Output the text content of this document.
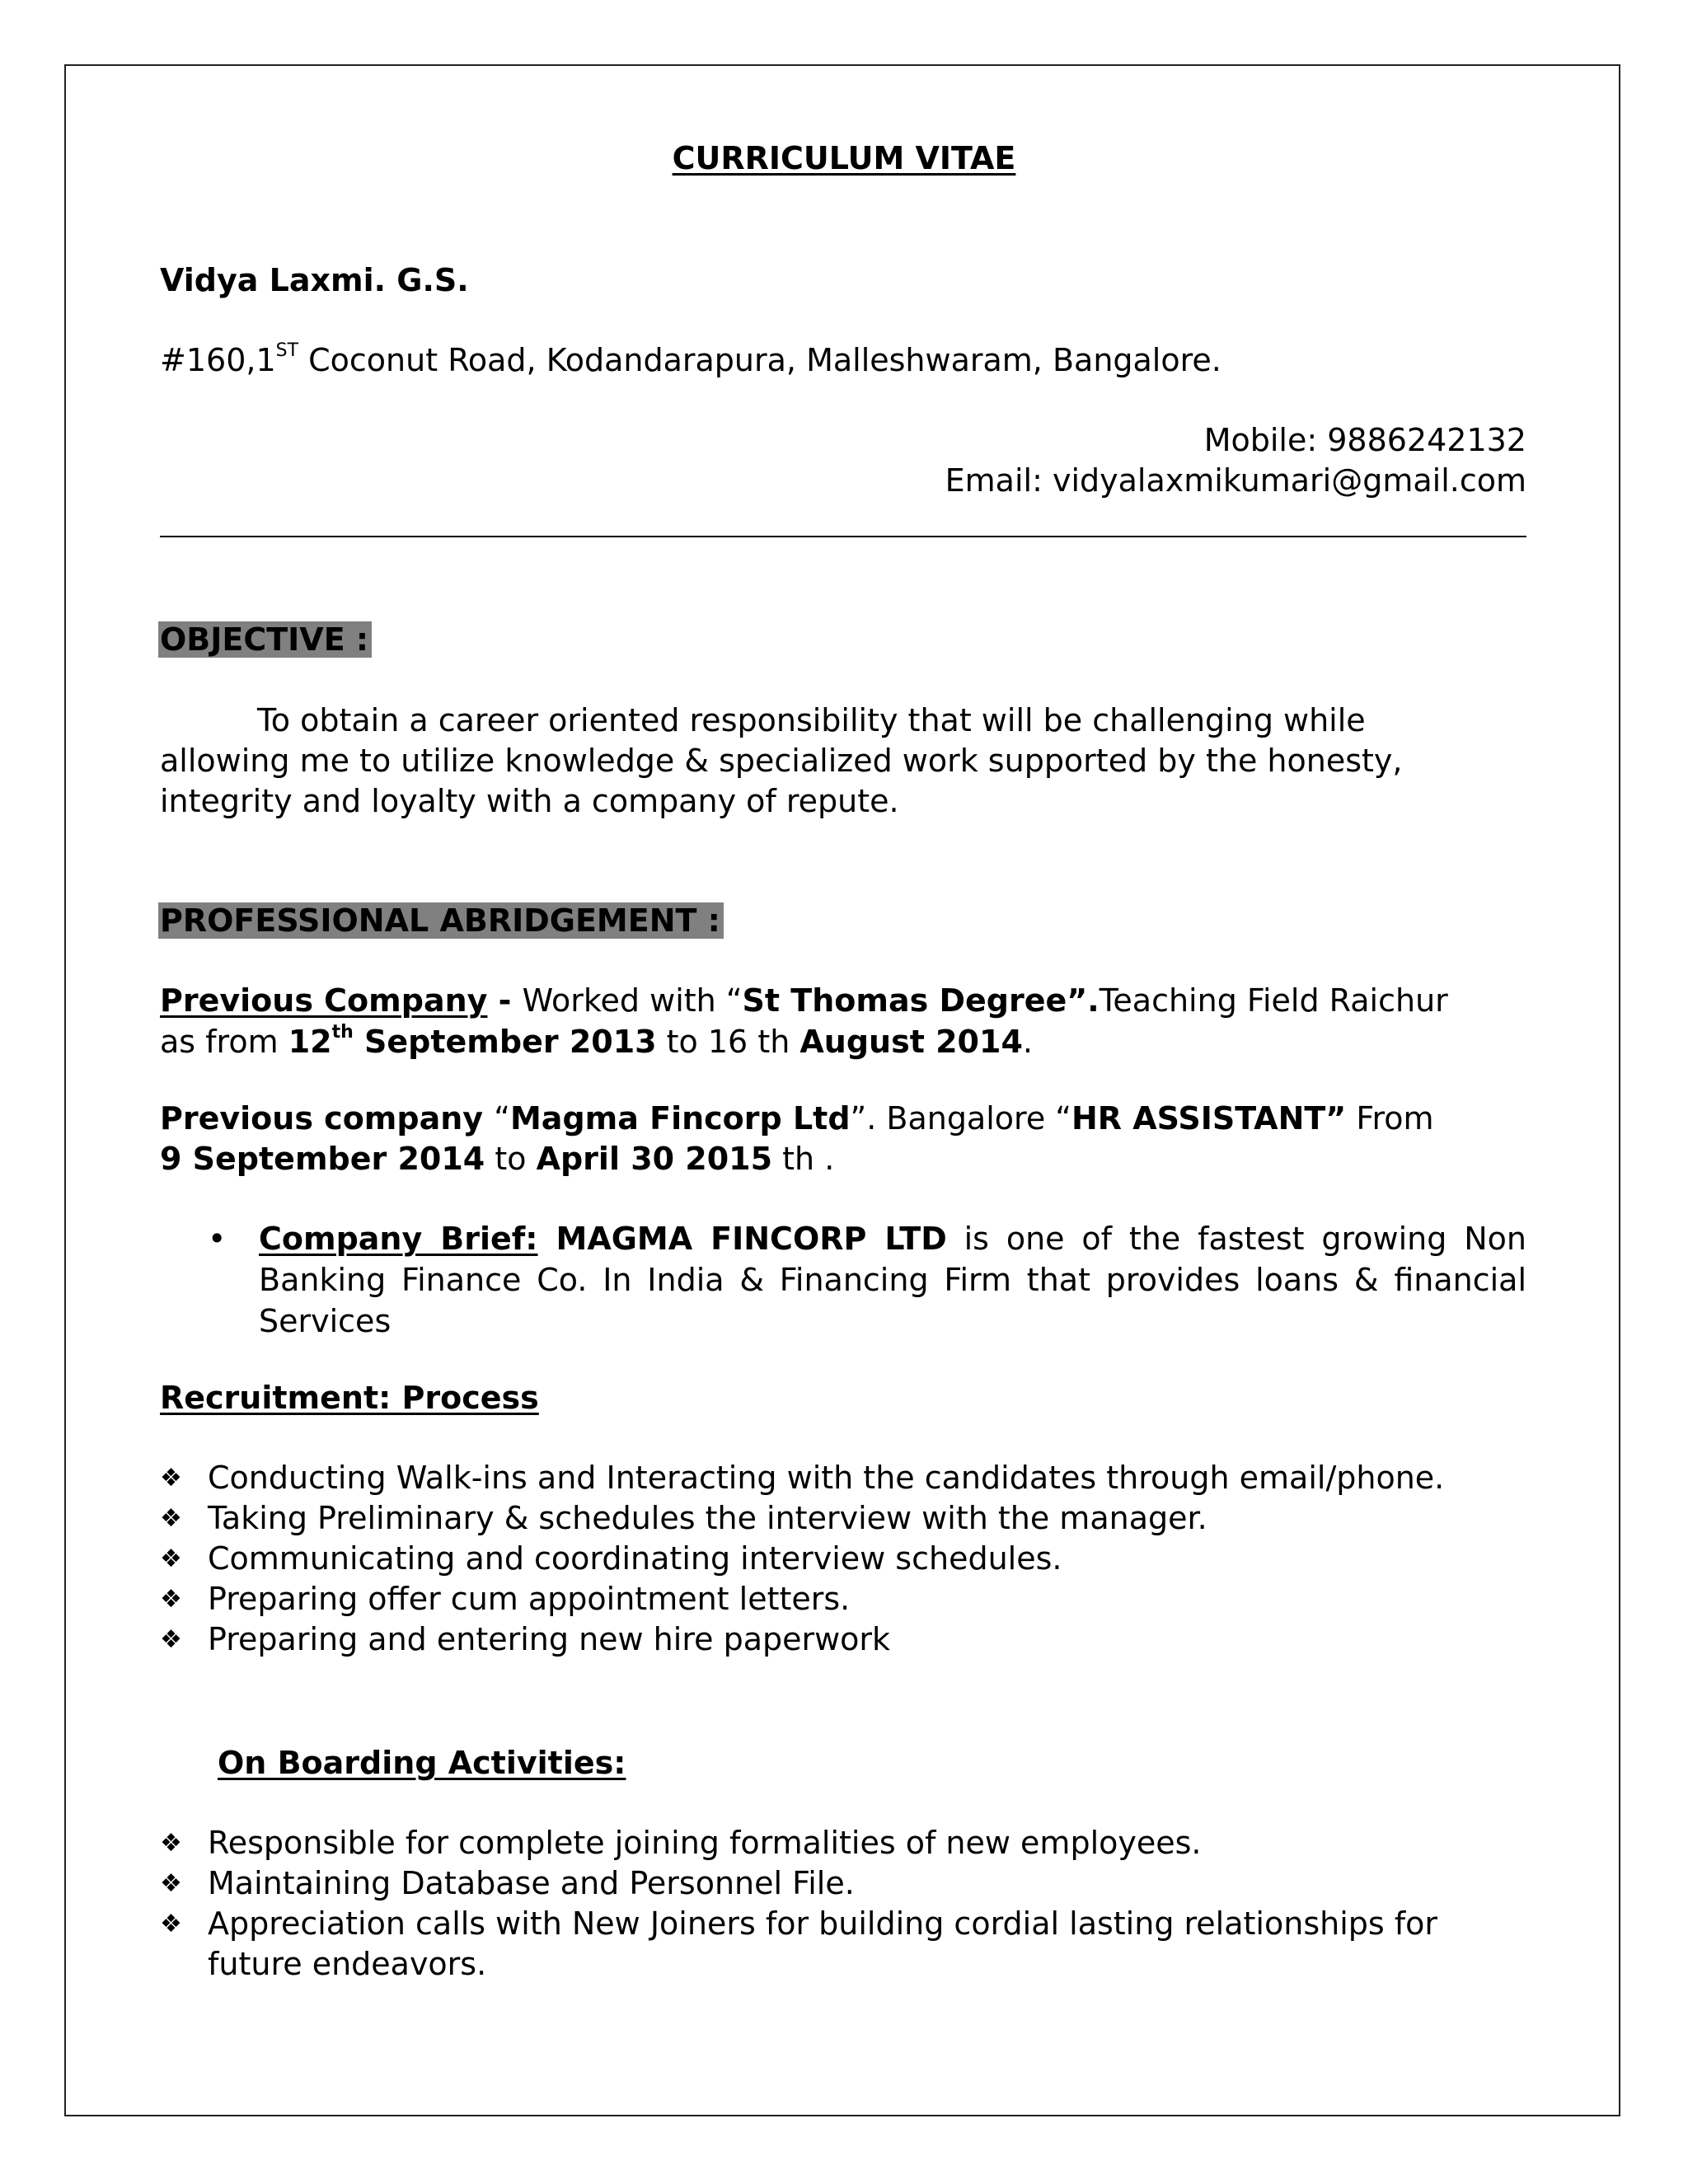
CURRICULUM VITAE
Vidya Laxmi. G.S.
#160,1ST Coconut Road, Kodandarapura, Malleshwaram, Bangalore.
Mobile: 9886242132
Email: vidyalaxmikumari@gmail.com
OBJECTIVE :
To obtain a career oriented responsibility that will be challenging while
allowing me to utilize knowledge & specialized work supported by the honesty,
integrity and loyalty with a company of repute.
PROFESSIONAL ABRIDGEMENT :
Previous Company - Worked with “St Thomas Degree”.Teaching Field Raichur
as from 12th September 2013 to 16 th August 2014.
Previous company “Magma Fincorp Ltd”. Bangalore “HR ASSISTANT” From
9 September 2014 to April 30 2015 th .
• Company Brief: MAGMA FINCORP LTD is one of the fastest growing Non Banking Finance Co. In India & Financing Firm that provides loans & financial Services
Recruitment: Process
❖ Conducting Walk-ins and Interacting with the candidates through email/phone.
❖ Taking Preliminary & schedules the interview with the manager.
❖ Communicating and coordinating interview schedules.
❖ Preparing offer cum appointment letters.
❖ Preparing and entering new hire paperwork
On Boarding Activities:
❖ Responsible for complete joining formalities of new employees.
❖ Maintaining Database and Personnel File.
❖ Appreciation calls with New Joiners for building cordial lasting relationships for
future endeavors.
